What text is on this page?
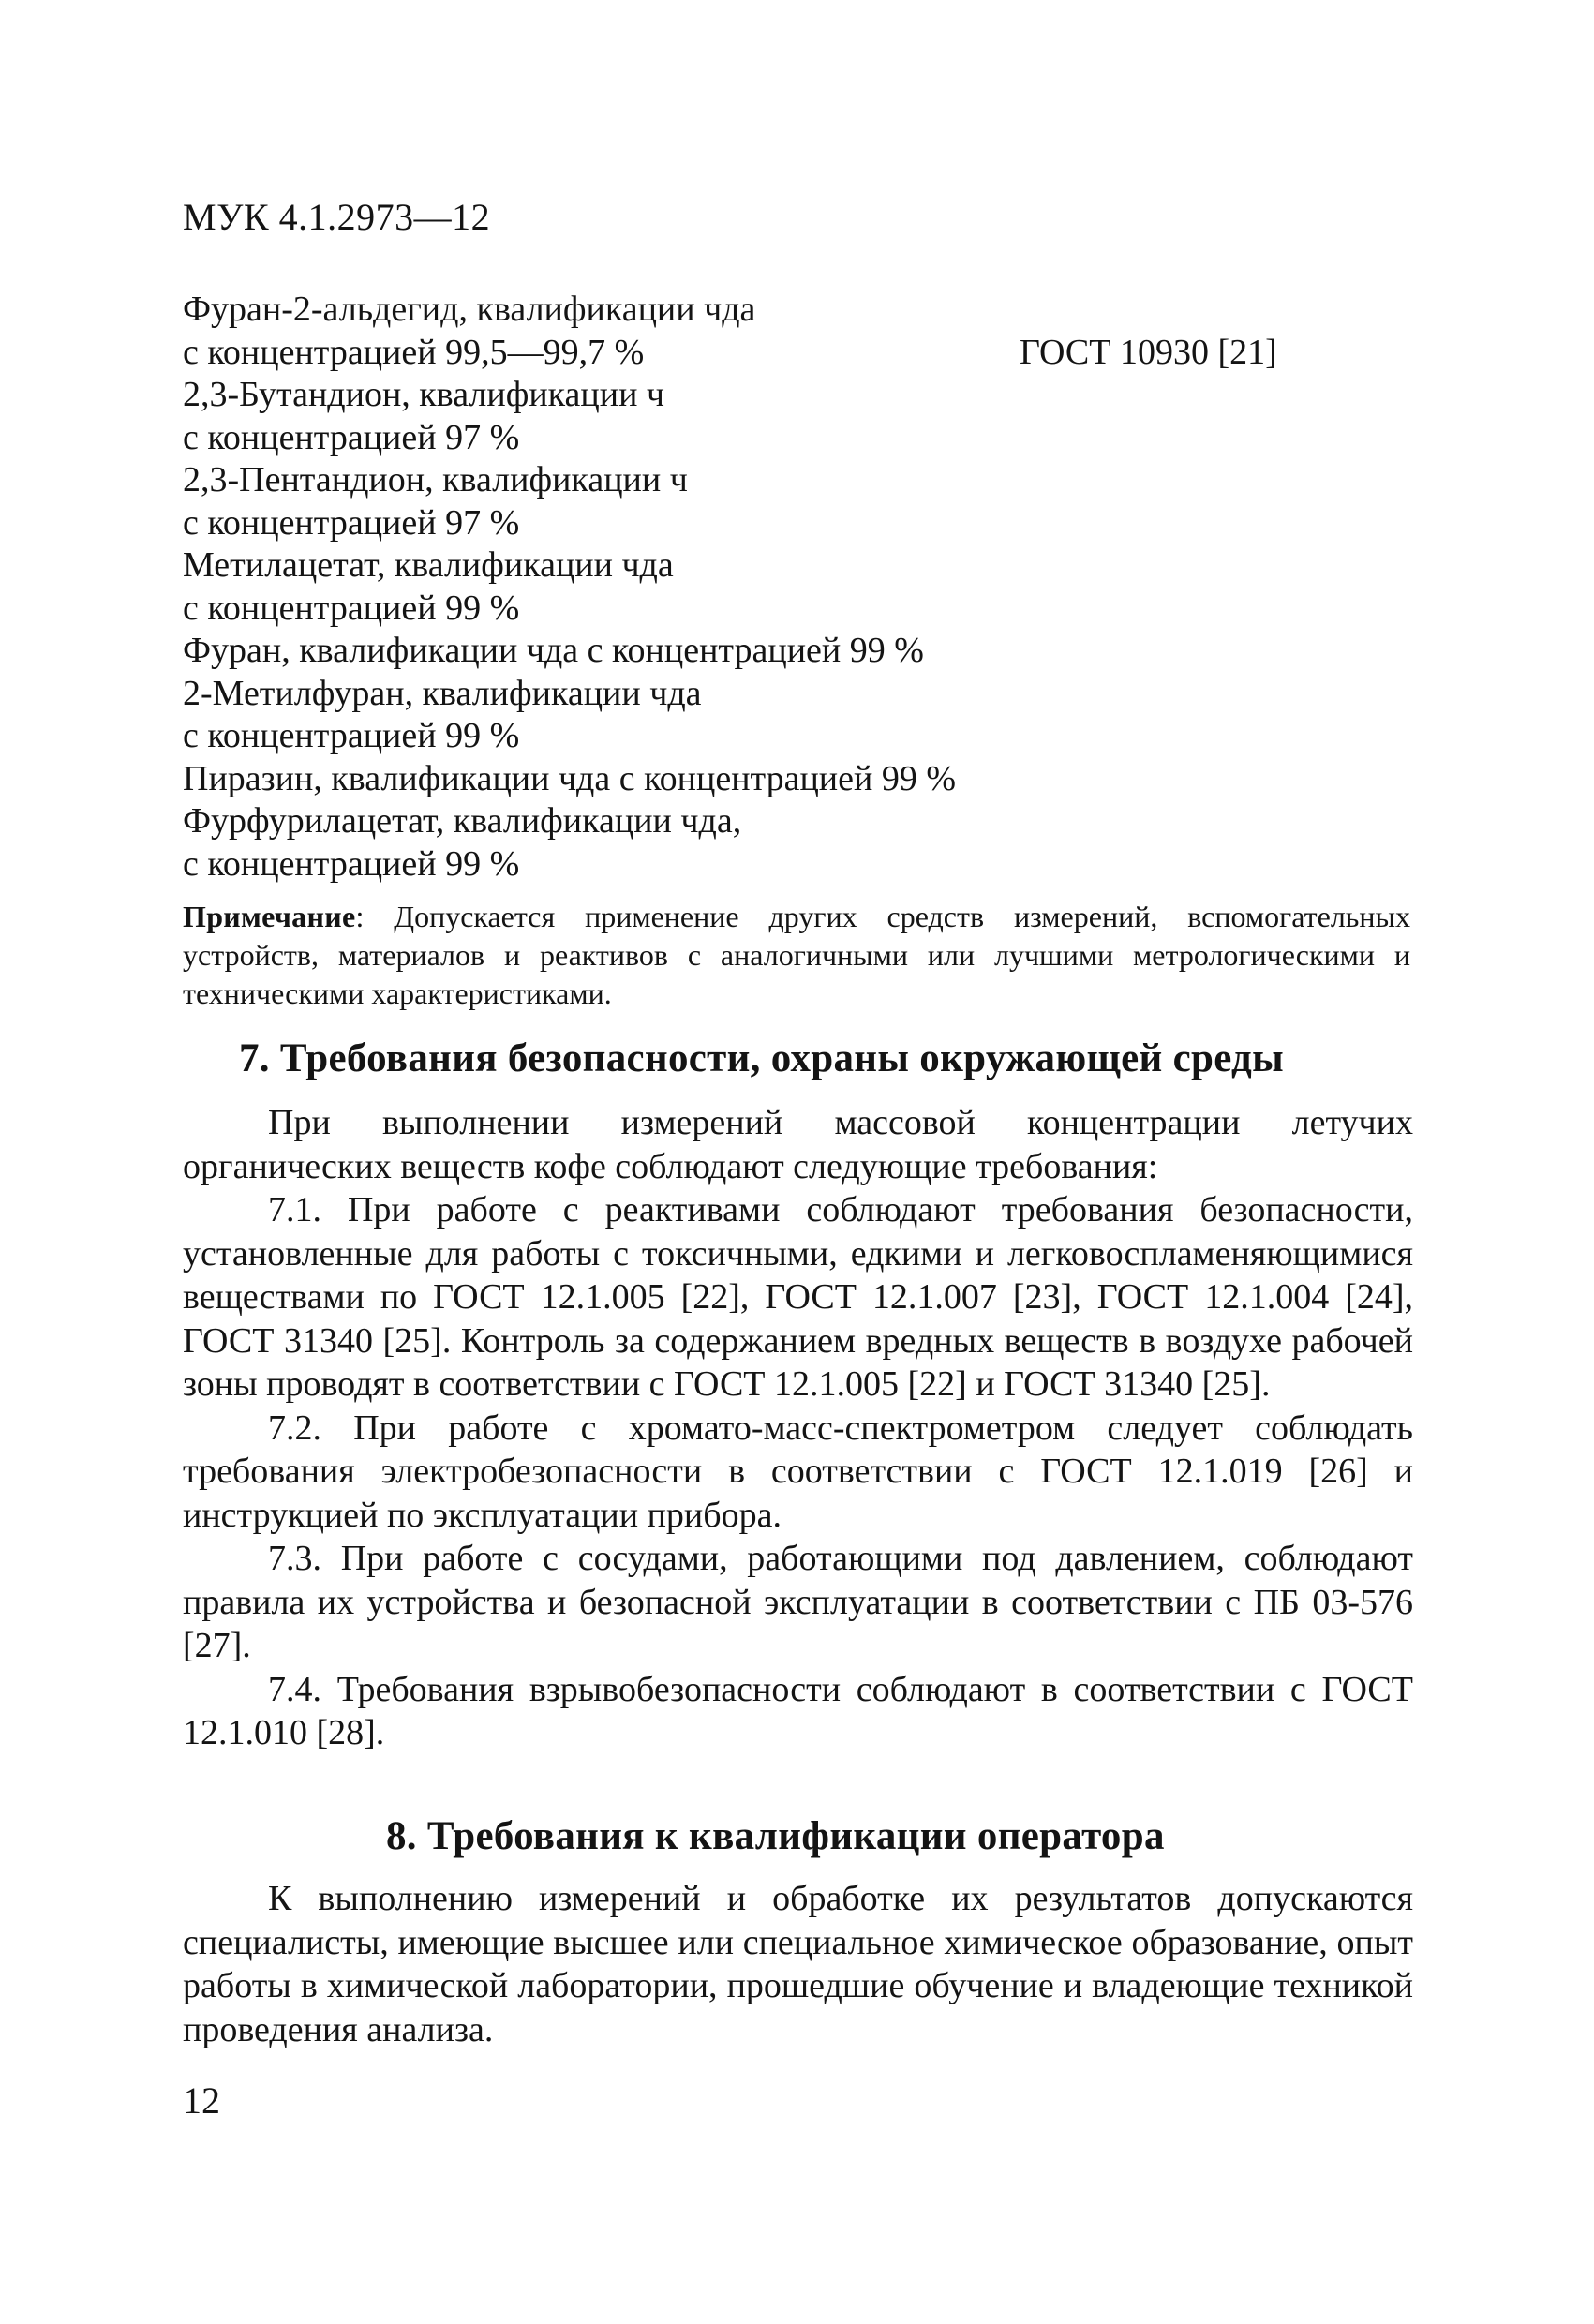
МУК 4.1.2973—12
Фуран-2-альдегид, квалификации чда
с концентрацией 99,5—99,7 %	ГОСТ 10930 [21]
2,3-Бутандион, квалификации ч
с концентрацией 97 %
2,3-Пентандион, квалификации ч
с концентрацией 97 %
Метилацетат, квалификации чда
с концентрацией 99 %
Фуран, квалификации чда с концентрацией 99 %
2-Метилфуран, квалификации чда
с концентрацией 99 %
Пиразин, квалификации чда с концентрацией 99 %
Фурфурилацетат, квалификации чда,
с концентрацией 99 %
Примечание: Допускается применение других средств измерений, вспомогательных устройств, материалов и реактивов с аналогичными или лучшими метрологическими и техническими характеристиками.
7. Требования безопасности, охраны окружающей среды

При выполнении измерений массовой концентрации летучих органических веществ кофе соблюдают следующие требования:

7.1. При работе с реактивами соблюдают требования безопасности, установленные для работы с токсичными, едкими и легковоспламеняющимися веществами по ГОСТ 12.1.005 [22], ГОСТ 12.1.007 [23], ГОСТ 12.1.004 [24], ГОСТ 31340 [25]. Контроль за содержанием вредных веществ в воздухе рабочей зоны проводят в соответствии с ГОСТ 12.1.005 [22] и ГОСТ 31340 [25].

7.2. При работе с хромато-масс-спектрометром следует соблюдать требования электробезопасности в соответствии с ГОСТ 12.1.019 [26] и инструкцией по эксплуатации прибора.

7.3. При работе с сосудами, работающими под давлением, соблюдают правила их устройства и безопасной эксплуатации в соответствии с ПБ 03-576 [27].

7.4. Требования взрывобезопасности соблюдают в соответствии с ГОСТ 12.1.010 [28].

8. Требования к квалификации оператора

К выполнению измерений и обработке их результатов допускаются специалисты, имеющие высшее или специальное химическое образование, опыт работы в химической лаборатории, прошедшие обучение и владеющие техникой проведения анализа.

12
